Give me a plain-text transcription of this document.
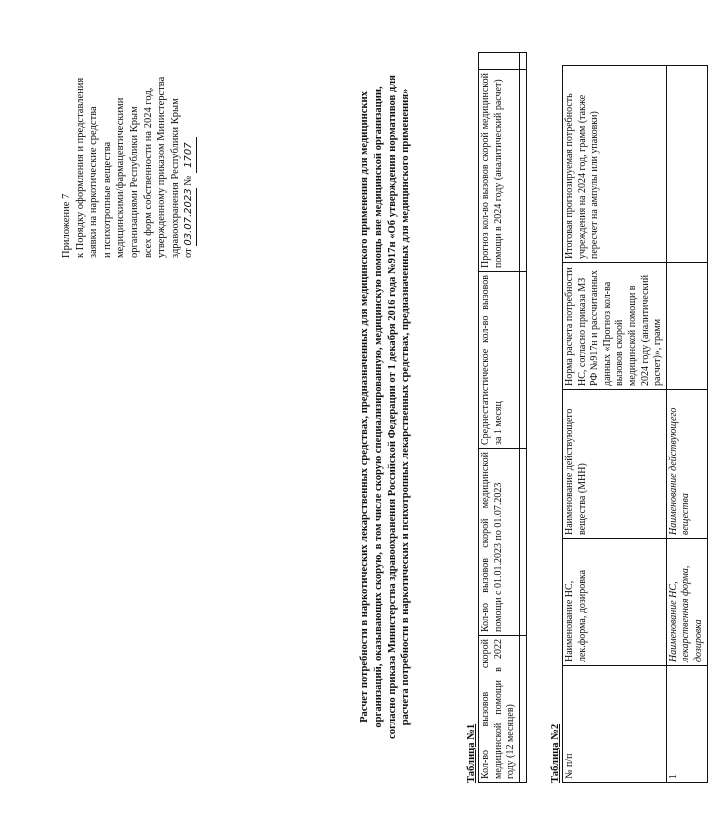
Приложение 7 к Порядку оформления и представления заявки на наркотические средства и психотропные вещества медицинскими/фармацевтическими организациями Республики Крым всех форм собственности на 2024 год, утвержденному приказом Министерства здравоохранения Республики Крым от 03.07.2023 № 1707	Расчет потребности в наркотических лекарственных средствах, предназначенных для медицинского применения для медицинских организаций, оказывающих скорую, в том числе скорую специализированную, медицинскую помощь вне медицинской организации, согласно приказа Министерства здравоохранения Российской Федерации от 1 декабря 2016 года №917н «Об утверждении нормативов для расчета потребности в наркотических и психотропных лекарственных средствах, предназначенных для медицинского применения»
Таблица №1 Кол-во вызовов скорой медицинской помощи в 2022 году (12 месяцев)	Кол-во вызовов скорой медицинской помощи с 01.01.2023 по 01.07.2023	Среднестатистическое кол-во вызовов за 1 месяц	Прогноз кол-во вызовов скорой медицинской помощи в 2024 году (аналитический расчет)	

Таблица №2 № п/п	Наименование НС, лек.форма, дозировка	Наименование действующего вещества (МНН)	Норма расчета потребности НС, согласно приказа МЗ РФ №917н и рассчитанных данных «Прогноз кол-ва вызовов скорой медицинской помощи в 2024 году (аналитический расчет)», грамм	Итоговая прогнозируемая потребность учреждения на 2024 год, грамм (также пересчет на ампулы или упаковки)
1	Наименование НС, лекарственная форма, дозировка	Наименование действующего вещества		
